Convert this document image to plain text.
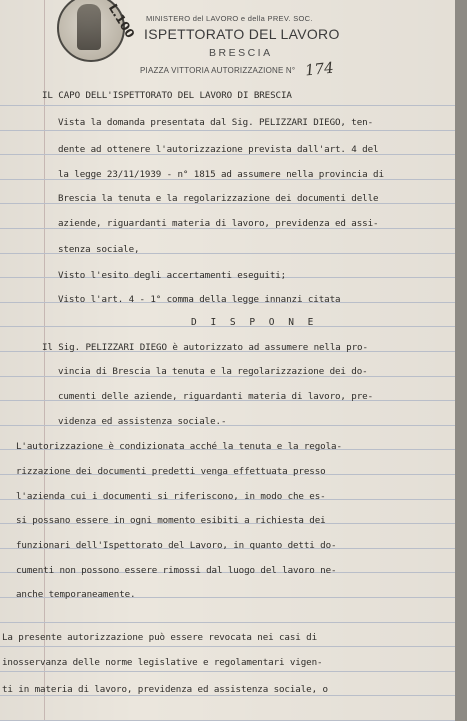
L.100 MINISTERO del LAVORO e della PREV. SOC.
ISPETTORATO DEL LAVORO
BRESCIA
PIAZZA VITTORIA AUTORIZZAZIONE N° 174
IL CAPO DELL'ISPETTORATO DEL LAVORO DI BRESCIA
Vista la domanda presentata dal Sig. PELIZZARI DIEGO, ten-
dente ad ottenere l'autorizzazione prevista dall'art. 4 del
la legge 23/11/1939 - n° 1815 ad assumere nella provincia di
Brescia la tenuta e la regolarizzazione dei documenti delle
aziende, riguardanti materia di lavoro, previdenza ed assi-
stenza sociale,
Visto l'esito degli accertamenti eseguiti;
Visto l'art. 4 - 1° comma della legge innanzi citata
D I S P O N E
Il Sig. PELIZZARI DIEGO è autorizzato ad assumere nella pro-
vincia di Brescia la tenuta e la regolarizzazione dei do-
cumenti delle aziende, riguardanti materia di lavoro, pre-
videnza ed assistenza sociale.-
L'autorizzazione è condizionata acché la tenuta e la regola-
rizzazione dei documenti predetti venga effettuata presso
l'azienda cui i documenti si riferiscono, in modo che es-
si possano essere in ogni momento esibiti a richiesta dei
funzionari dell'Ispettorato del Lavoro, in quanto detti do-
cumenti non possono essere rimossi dal luogo del lavoro ne-
anche temporaneamente.
La presente autorizzazione può essere revocata nei casi di
inosservanza delle norme legislative e regolamentari vigen-
ti in materia di lavoro, previdenza ed assistenza sociale, o
